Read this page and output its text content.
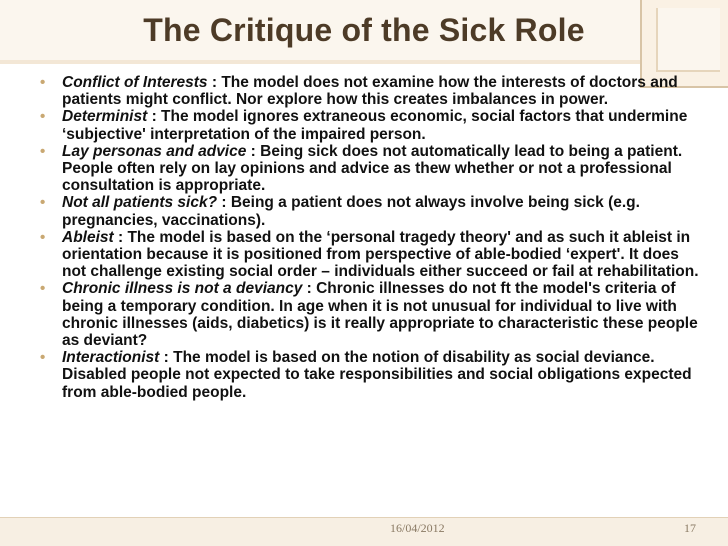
The Critique of the Sick Role

•	Conflict of Interests : The model does not examine how the interests of doctors and patients might conflict. Nor explore how this creates imbalances in power.

•	Determinist : The model ignores extraneous economic, social factors that undermine ‘subjective' interpretation of the impaired person.

•	Lay personas and advice : Being sick does not automatically lead to being a patient. People often rely on lay opinions and advice as thew whether or not a professional consultation is appropriate.

•	Not all patients sick? : Being a patient does not always involve being sick (e.g. pregnancies, vaccinations).

•	Ableist : The model is based on the ‘personal tragedy theory' and as such it ableist in orientation because it is positioned from perspective of able-bodied ‘expert'. It does not challenge existing social order – individuals either succeed or fail at rehabilitation.

•	Chronic illness is not a deviancy : Chronic illnesses do not ft the model's criteria of being a temporary condition. In age when it is not unusual for individual to live with chronic illnesses (aids, diabetics) is it really appropriate to characteristic these people as deviant?

•	Interactionist : The model is based on the notion of disability as social deviance. Disabled people not expected to take responsibilities and social obligations expected from able-bodied people.

16/04/2012	17
